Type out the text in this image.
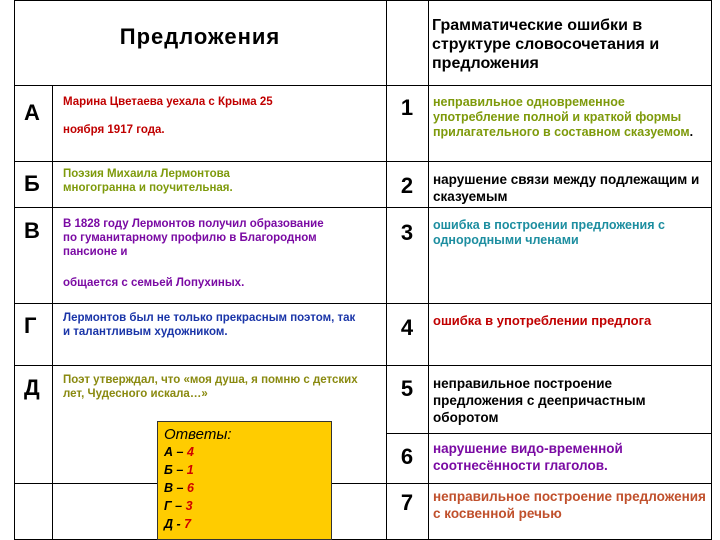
Предложения	Грамматические ошибки в структуре словосочетания и предложения
А Марина Цветаева уехала с Крыма 25
ноября 1917 года.
Б Поэзия Михаила Лермонтова многогранна и поучительная.
В В 1828 году Лермонтов получил образование по гуманитарному профилю в Благородном пансионе и
общается с семьей Лопухиных.
Г Лермонтов был не только прекрасным поэтом, так и талантливым художником.
Д Поэт утверждал, что «моя душа, я помню с детских лет, Чудесного искала…»
1
2
3
4
5
6
7
неправильное одновременное употребление полной и краткой формы прилагательного в составном сказуемом.
нарушение связи между подлежащим и сказуемым
ошибка в построении предложения с однородными членами
ошибка в употреблении предлога
неправильное построение предложения с деепричастным оборотом
нарушение видо-временной соотнесённости глаголов.
неправильное построение предложения с косвенной речью
Ответы:
А – 4
Б – 1
В – 6
Г – 3
Д - 7
